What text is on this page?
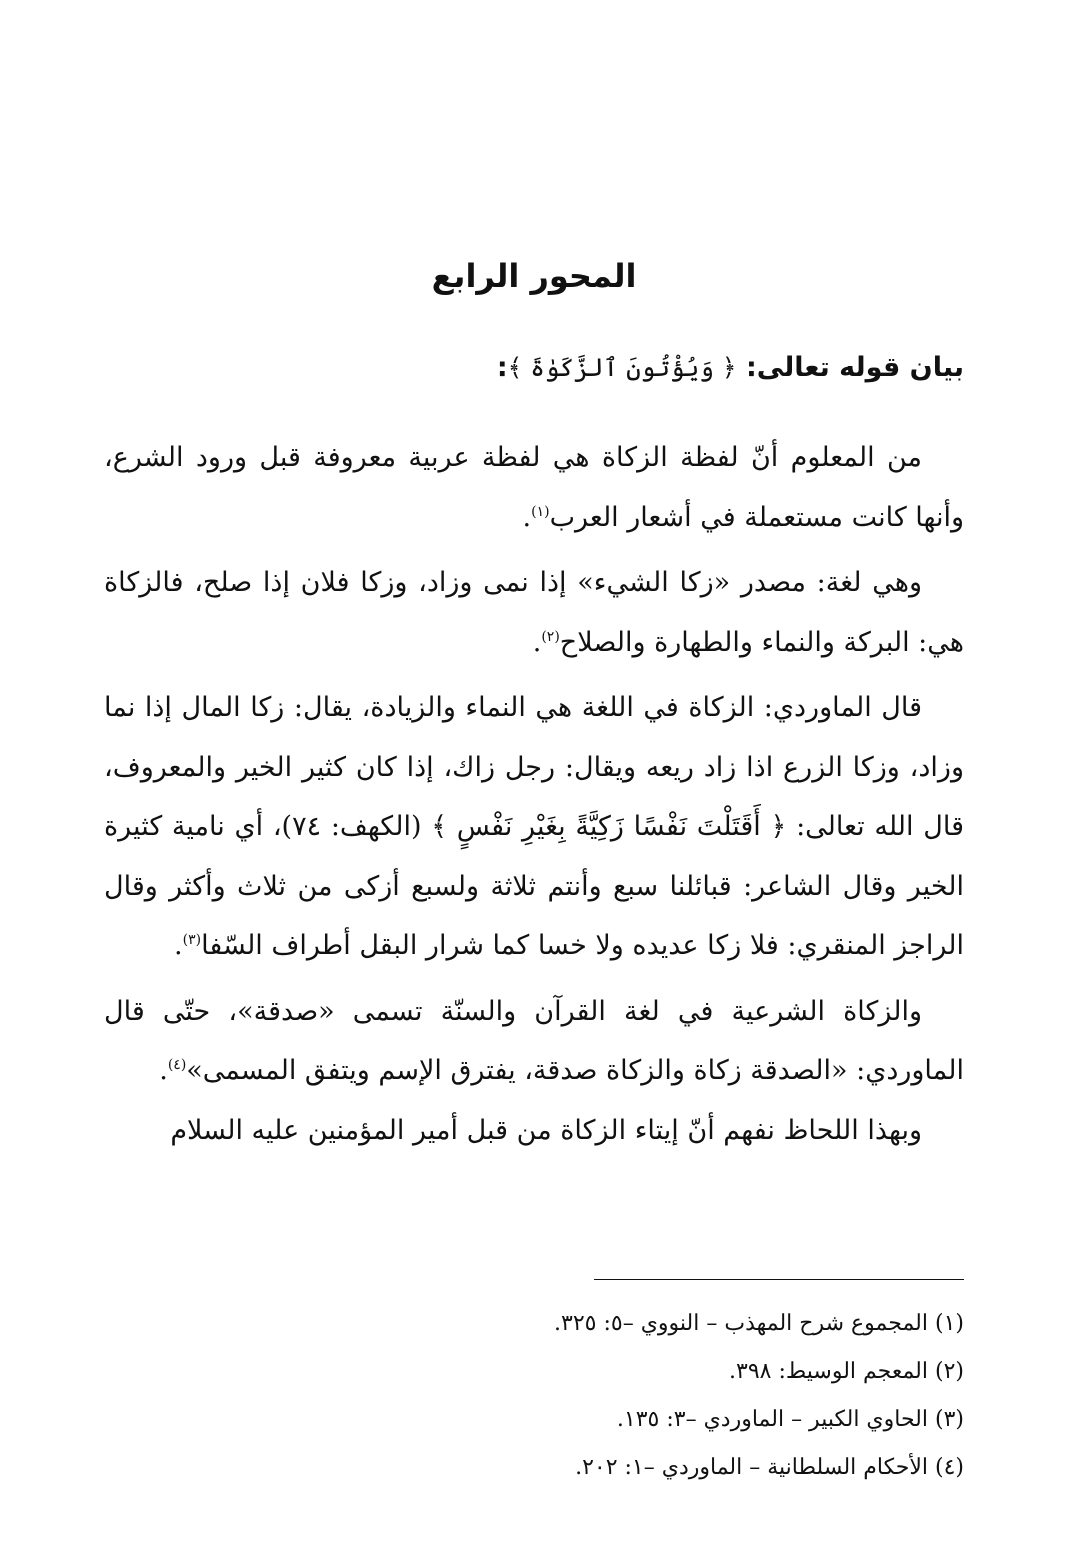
المحور الرابع
بيان قوله تعالى: ﴿ وَيُؤْتُونَ ٱلزَّكَوٰةَ ﴾:

من المعلوم أنّ لفظة الزكاة هي لفظة عربية معروفة قبل ورود الشرع، وأنها كانت مستعملة في أشعار العرب$^{(١)}$.

وهي لغة: مصدر «زكا الشيء» إذا نمى وزاد، وزكا فلان إذا صلح، فالزكاة هي: البركة والنماء والطهارة والصلاح$^{(٢)}$.

قال الماوردي: الزكاة في اللغة هي النماء والزيادة، يقال: زكا المال إذا نما وزاد، وزكا الزرع اذا زاد ريعه ويقال: رجل زاك، إذا كان كثير الخير والمعروف، قال الله تعالى: ﴿ أَقَتَلْتَ نَفْسًا زَكِيَّةً بِغَيْرِ نَفْسٍ ﴾ (الكهف: ٧٤)، أي نامية كثيرة الخير وقال الشاعر: قبائلنا سبع وأنتم ثلاثة ولسبع أزكى من ثلاث وأكثر وقال الراجز المنقري: فلا زكا عديده ولا خسا كما شرار البقل أطراف السّفا$^{(٣)}$.

والزكاة الشرعية في لغة القرآن والسنّة تسمى «صدقة»، حتّى قال الماوردي: «الصدقة زكاة والزكاة صدقة، يفترق الإسم ويتفق المسمى»$^{(٤)}$.

وبهذا اللحاظ نفهم أنّ إيتاء الزكاة من قبل أمير المؤمنين عليه السلام

(١) المجموع شرح المهذب – النووي –٥: ٣٢٥.
(٢) المعجم الوسيط: ٣٩٨.
(٣) الحاوي الكبير – الماوردي –٣: ١٣٥.
(٤) الأحكام السلطانية – الماوردي –١: ٢٠٢.
